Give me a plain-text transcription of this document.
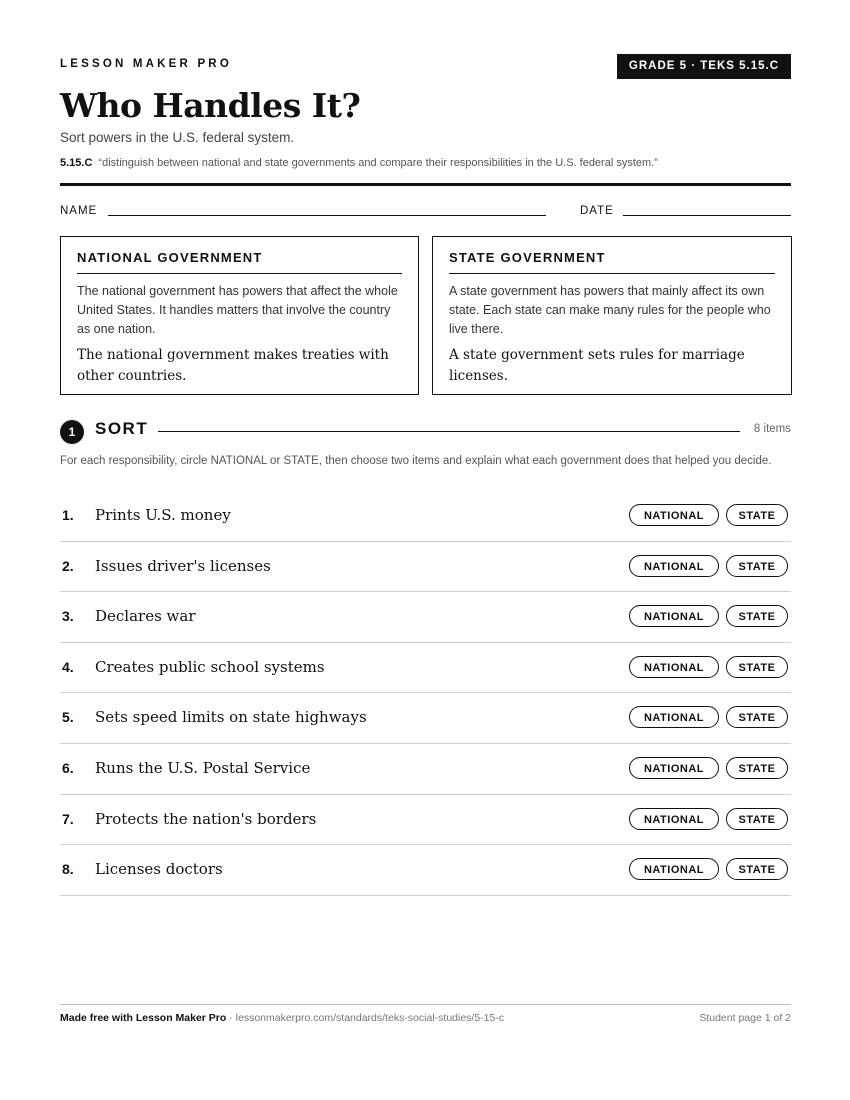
LESSON MAKER PRO	GRADE 5 · TEKS 5.15.C
Who Handles It?
Sort powers in the U.S. federal system.
5.15.C “distinguish between national and state governments and compare their responsibilities in the U.S. federal system.”
NAME	DATE
NATIONAL GOVERNMENT
The national government has powers that affect the whole United States. It handles matters that involve the country as one nation.
The national government makes treaties with other countries.
STATE GOVERNMENT
A state government has powers that mainly affect its own state. Each state can make many rules for the people who live there.
A state government sets rules for marriage licenses.
1	SORT	8 items
For each responsibility, circle NATIONAL or STATE, then choose two items and explain what each government does that helped you decide.
1. Prints U.S. money	NATIONAL	STATE
2. Issues driver's licenses	NATIONAL	STATE
3. Declares war	NATIONAL	STATE
4. Creates public school systems	NATIONAL	STATE
5. Sets speed limits on state highways	NATIONAL	STATE
6. Runs the U.S. Postal Service	NATIONAL	STATE
7. Protects the nation's borders	NATIONAL	STATE
8. Licenses doctors	NATIONAL	STATE
Made free with Lesson Maker Pro · lessonmakerpro.com/standards/teks-social-studies/5-15-c	Student page 1 of 2
